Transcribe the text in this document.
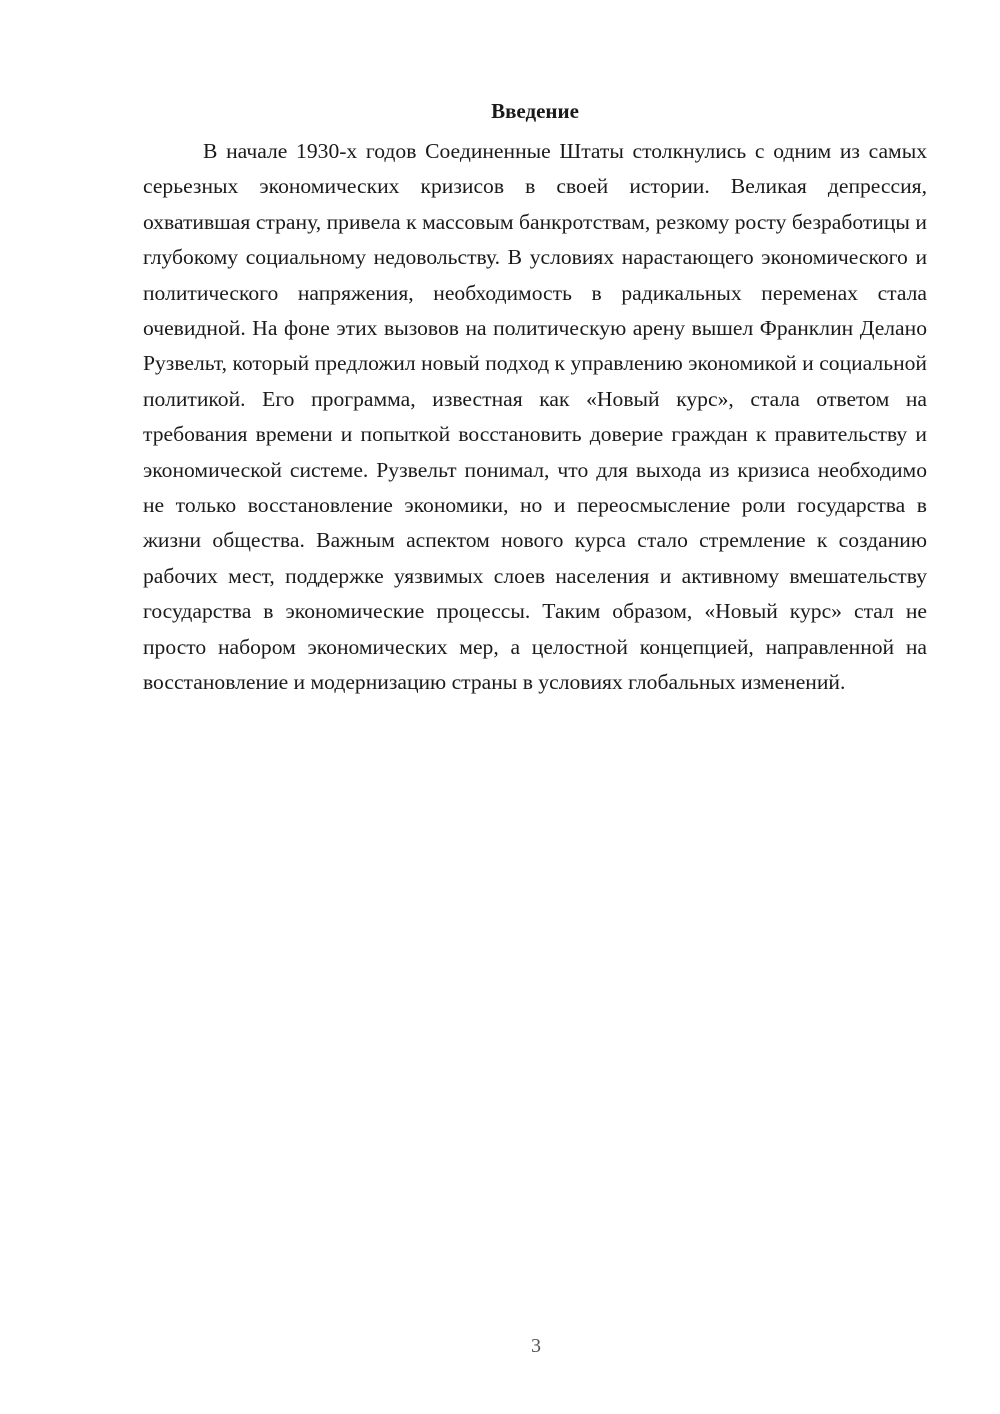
Введение

В начале 1930-х годов Соединенные Штаты столкнулись с одним из самых серьезных экономических кризисов в своей истории. Великая депрессия, охватившая страну, привела к массовым банкротствам, резкому росту безработицы и глубокому социальному недовольству. В условиях нарастающего экономического и политического напряжения, необходимость в радикальных переменах стала очевидной. На фоне этих вызовов на политическую арену вышел Франклин Делано Рузвельт, который предложил новый подход к управлению экономикой и социальной политикой. Его программа, известная как «Новый курс», стала ответом на требования времени и попыткой восстановить доверие граждан к правительству и экономической системе. Рузвельт понимал, что для выхода из кризиса необходимо не только восстановление экономики, но и переосмысление роли государства в жизни общества. Важным аспектом нового курса стало стремление к созданию рабочих мест, поддержке уязвимых слоев населения и активному вмешательству государства в экономические процессы. Таким образом, «Новый курс» стал не просто набором экономических мер, а целостной концепцией, направленной на восстановление и модернизацию страны в условиях глобальных изменений.

3
